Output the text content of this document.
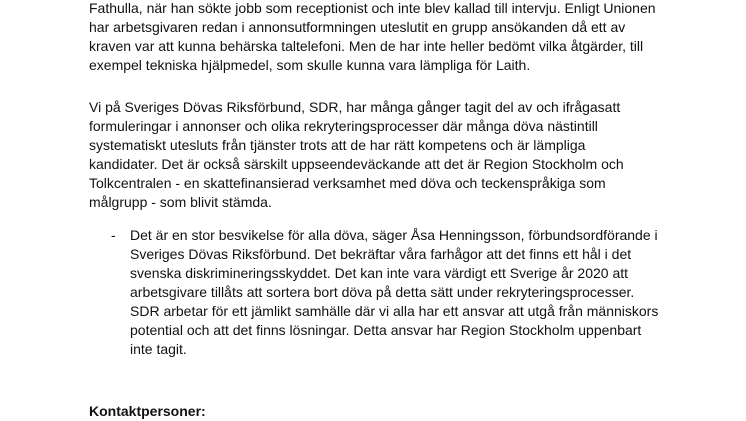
Fathulla, när han sökte jobb som receptionist och inte blev kallad till intervju. Enligt Unionen
har arbetsgivaren redan i annonsutformningen uteslutit en grupp ansökanden då ett av
kraven var att kunna behärska taltelefoni. Men de har inte heller bedömt vilka åtgärder, till
exempel tekniska hjälpmedel, som skulle kunna vara lämpliga för Laith.

Vi på Sveriges Dövas Riksförbund, SDR, har många gånger tagit del av och ifrågasatt
formuleringar i annonser och olika rekryteringsprocesser där många döva nästintill
systematiskt utesluts från tjänster trots att de har rätt kompetens och är lämpliga
kandidater. Det är också särskilt uppseendeväckande att det är Region Stockholm och
Tolkcentralen - en skattefinansierad verksamhet med döva och teckenspråkiga som
målgrupp - som blivit stämda.

- Det är en stor besvikelse för alla döva, säger Åsa Henningsson, förbundsordförande i
Sveriges Dövas Riksförbund. Det bekräftar våra farhågor att det finns ett hål i det
svenska diskrimineringsskyddet. Det kan inte vara värdigt ett Sverige år 2020 att
arbetsgivare tillåts att sortera bort döva på detta sätt under rekryteringsprocesser.
SDR arbetar för ett jämlikt samhälle där vi alla har ett ansvar att utgå från människors
potential och att det finns lösningar. Detta ansvar har Region Stockholm uppenbart
inte tagit.

Kontaktpersoner:
